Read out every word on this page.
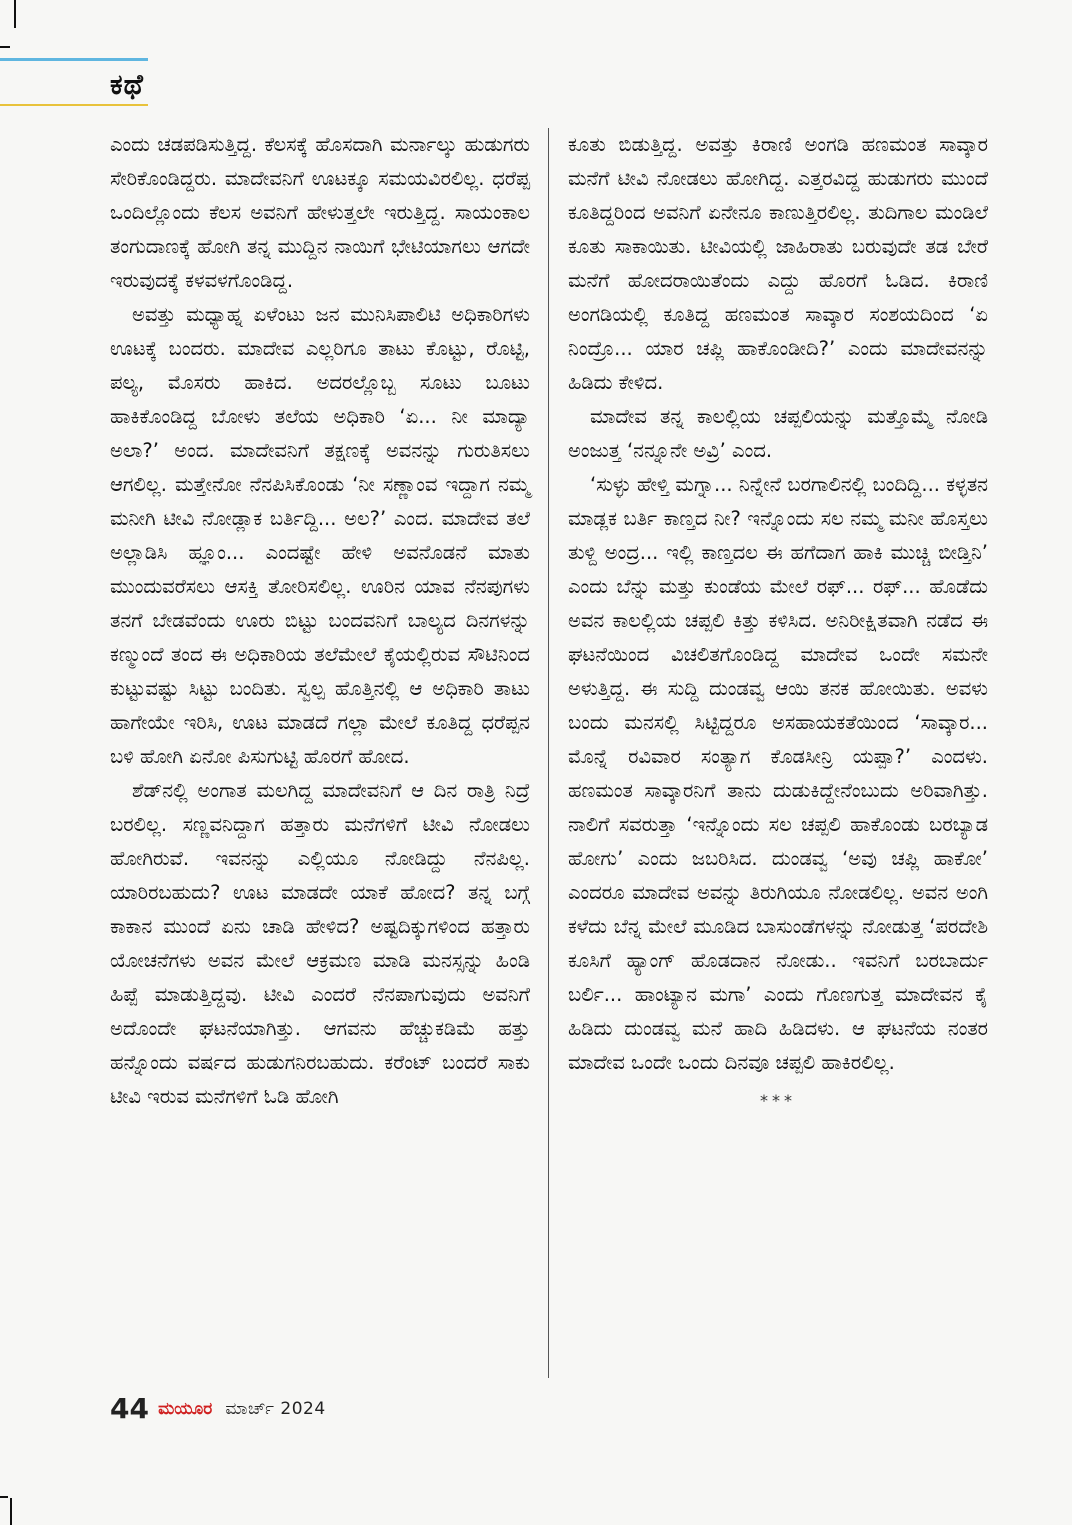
ಕಥೆ

ಎಂದು ಚಡಪಡಿಸುತ್ತಿದ್ದ. ಕೆಲಸಕ್ಕೆ ಹೊಸದಾಗಿ ಮರ್ನಾಲ್ಕು ಹುಡುಗರು ಸೇರಿಕೊಂಡಿದ್ದರು. ಮಾದೇವನಿಗೆ ಊಟಕ್ಕೂ ಸಮಯವಿರಲಿಲ್ಲ. ಧರೆಪ್ಪ ಒಂದಿಲ್ಲೊಂದು ಕೆಲಸ ಅವನಿಗೆ ಹೇಳುತ್ತಲೇ ಇರುತ್ತಿದ್ದ. ಸಾಯಂಕಾಲ ತಂಗುದಾಣಕ್ಕೆ ಹೋಗಿ ತನ್ನ ಮುದ್ದಿನ ನಾಯಿಗೆ ಭೇಟಿಯಾಗಲು ಆಗದೇ ಇರುವುದಕ್ಕೆ ಕಳವಳಗೊಂಡಿದ್ದ.

ಅವತ್ತು ಮಧ್ಯಾಹ್ನ ಏಳೆಂಟು ಜನ ಮುನಿಸಿಪಾಲಿಟಿ ಅಧಿಕಾರಿಗಳು ಊಟಕ್ಕೆ ಬಂದರು. ಮಾದೇವ ಎಲ್ಲರಿಗೂ ತಾಟು ಕೊಟ್ಟು, ರೊಟ್ಟಿ, ಪಲ್ಯ, ಮೊಸರು ಹಾಕಿದ. ಅದರಲ್ಲೊಬ್ಬ ಸೂಟು ಬೂಟು ಹಾಕಿಕೊಂಡಿದ್ದ ಬೋಳು ತಲೆಯ ಅಧಿಕಾರಿ ‘ಏ... ನೀ ಮಾದ್ಯಾ ಅಲಾ?’ ಅಂದ. ಮಾದೇವನಿಗೆ ತಕ್ಷಣಕ್ಕೆ ಅವನನ್ನು ಗುರುತಿಸಲು ಆಗಲಿಲ್ಲ. ಮತ್ತೇನೋ ನೆನಪಿಸಿಕೊಂಡು ‘ನೀ ಸಣ್ಣಾಂವ ಇದ್ದಾಗ ನಮ್ಮ ಮನೀಗಿ ಟೀವಿ ನೋಡ್ಲಾಕ ಬರ್ತಿದ್ದಿ... ಅಲ?’ ಎಂದ. ಮಾದೇವ ತಲೆ ಅಲ್ಲಾಡಿಸಿ ಹ್ಞೂಂ... ಎಂದಷ್ಟೇ ಹೇಳಿ ಅವನೊಡನೆ ಮಾತು ಮುಂದುವರೆಸಲು ಆಸಕ್ತಿ ತೋರಿಸಲಿಲ್ಲ. ಊರಿನ ಯಾವ ನೆನಪುಗಳು ತನಗೆ ಬೇಡವೆಂದು ಊರು ಬಿಟ್ಟು ಬಂದವನಿಗೆ ಬಾಲ್ಯದ ದಿನಗಳನ್ನು ಕಣ್ಮುಂದೆ ತಂದ ಈ ಅಧಿಕಾರಿಯ ತಲೆಮೇಲೆ ಕೈಯಲ್ಲಿರುವ ಸೌಟಿನಿಂದ ಕುಟ್ಟುವಷ್ಟು ಸಿಟ್ಟು ಬಂದಿತು. ಸ್ವಲ್ಪ ಹೊತ್ತಿನಲ್ಲಿ ಆ ಅಧಿಕಾರಿ ತಾಟು ಹಾಗೇಯೇ ಇರಿಸಿ, ಊಟ ಮಾಡದೆ ಗಲ್ಲಾ ಮೇಲೆ ಕೂತಿದ್ದ ಧರೆಪ್ಪನ ಬಳಿ ಹೋಗಿ ಏನೋ ಪಿಸುಗುಟ್ಟಿ ಹೊರಗೆ ಹೋದ.

ಶೆಡ್‌ನಲ್ಲಿ ಅಂಗಾತ ಮಲಗಿದ್ದ ಮಾದೇವನಿಗೆ ಆ ದಿನ ರಾತ್ರಿ ನಿದ್ರೆ ಬರಲಿಲ್ಲ. ಸಣ್ಣವನಿದ್ದಾಗ ಹತ್ತಾರು ಮನೆಗಳಿಗೆ ಟೀವಿ ನೋಡಲು ಹೋಗಿರುವೆ. ಇವನನ್ನು ಎಲ್ಲಿಯೂ ನೋಡಿದ್ದು ನೆನಪಿಲ್ಲ. ಯಾರಿರಬಹುದು? ಊಟ ಮಾಡದೇ ಯಾಕೆ ಹೋದ? ತನ್ನ ಬಗ್ಗೆ ಕಾಕಾನ ಮುಂದೆ ಏನು ಚಾಡಿ ಹೇಳಿದ? ಅಷ್ಟದಿಕ್ಕುಗಳಿಂದ ಹತ್ತಾರು ಯೋಚನೆಗಳು ಅವನ ಮೇಲೆ ಆಕ್ರಮಣ ಮಾಡಿ ಮನಸ್ಸನ್ನು ಹಿಂಡಿ ಹಿಪ್ಪೆ ಮಾಡುತ್ತಿದ್ದವು. ಟೀವಿ ಎಂದರೆ ನೆನಪಾಗುವುದು ಅವನಿಗೆ ಅದೊಂದೇ ಘಟನೆಯಾಗಿತ್ತು. ಆಗವನು ಹೆಚ್ಚುಕಡಿಮೆ ಹತ್ತು ಹನ್ನೊಂದು ವರ್ಷದ ಹುಡುಗನಿರಬಹುದು. ಕರೆಂಟ್ ಬಂದರೆ ಸಾಕು ಟೀವಿ ಇರುವ ಮನೆಗಳಿಗೆ ಓಡಿ ಹೋಗಿ

ಕೂತು ಬಿಡುತ್ತಿದ್ದ. ಅವತ್ತು ಕಿರಾಣಿ ಅಂಗಡಿ ಹಣಮಂತ ಸಾವ್ಕಾರ ಮನೆಗೆ ಟೀವಿ ನೋಡಲು ಹೋಗಿದ್ದ. ಎತ್ತರವಿದ್ದ ಹುಡುಗರು ಮುಂದೆ ಕೂತಿದ್ದರಿಂದ ಅವನಿಗೆ ಏನೇನೂ ಕಾಣುತ್ತಿರಲಿಲ್ಲ. ತುದಿಗಾಲ ಮಂಡಿಲೆ ಕೂತು ಸಾಕಾಯಿತು. ಟೀವಿಯಲ್ಲಿ ಜಾಹಿರಾತು ಬರುವುದೇ ತಡ ಬೇರೆ ಮನೆಗೆ ಹೋದರಾಯಿತೆಂದು ಎದ್ದು ಹೊರಗೆ ಓಡಿದ. ಕಿರಾಣಿ ಅಂಗಡಿಯಲ್ಲಿ ಕೂತಿದ್ದ ಹಣಮಂತ ಸಾವ್ಕಾರ ಸಂಶಯದಿಂದ ‘ಏ ನಿಂದ್ರೊ... ಯಾರ ಚಪ್ಲಿ ಹಾಕೊಂಡೀದಿ?’ ಎಂದು ಮಾದೇವನನ್ನು ಹಿಡಿದು ಕೇಳಿದ.

ಮಾದೇವ ತನ್ನ ಕಾಲಲ್ಲಿಯ ಚಪ್ಪಲಿಯನ್ನು ಮತ್ತೊಮ್ಮೆ ನೋಡಿ ಅಂಜುತ್ತ ‘ನನ್ನೂನೇ ಅವ್ರಿ’ ಎಂದ.

‘ಸುಳ್ಳು ಹೇಳ್ತಿ ಮಗ್ನಾ... ನಿನ್ನೇನೆ ಬರಗಾಲಿನಲ್ಲಿ ಬಂದಿದ್ದಿ... ಕಳ್ಳತನ ಮಾಡ್ಲಕ ಬರ್ತಿ ಕಾಣ್ತದ ನೀ? ಇನ್ನೊಂದು ಸಲ ನಮ್ಮ ಮನೀ ಹೊಸ್ತಲು ತುಳ್ದಿ ಅಂದ್ರ... ಇಲ್ಲಿ ಕಾಣ್ತದಲ ಈ ಹಗೆದಾಗ ಹಾಕಿ ಮುಚ್ಚಿ ಬೀಡ್ತಿನಿ’ ಎಂದು ಬೆನ್ನು ಮತ್ತು ಕುಂಡೆಯ ಮೇಲೆ ರಫ್... ರಫ್... ಹೊಡೆದು ಅವನ ಕಾಲಲ್ಲಿಯ ಚಪ್ಪಲಿ ಕಿತ್ತು ಕಳಿಸಿದ. ಅನಿರೀಕ್ಷಿತವಾಗಿ ನಡೆದ ಈ ಘಟನೆಯಿಂದ ವಿಚಲಿತಗೊಂಡಿದ್ದ ಮಾದೇವ ಒಂದೇ ಸಮನೇ ಅಳುತ್ತಿದ್ದ. ಈ ಸುದ್ದಿ ದುಂಡವ್ವ ಆಯಿ ತನಕ ಹೋಯಿತು. ಅವಳು ಬಂದು ಮನಸಲ್ಲಿ ಸಿಟ್ಟಿದ್ದರೂ ಅಸಹಾಯಕತೆಯಿಂದ ‘ಸಾವ್ಕಾರ... ಮೊನ್ನೆ ರವಿವಾರ ಸಂತ್ಯಾಗ ಕೊಡಸೀನ್ರಿ ಯಪ್ಪಾ?’ ಎಂದಳು. ಹಣಮಂತ ಸಾವ್ಕಾರನಿಗೆ ತಾನು ದುಡುಕಿದ್ದೇನೆಂಬುದು ಅರಿವಾಗಿತ್ತು. ನಾಲಿಗೆ ಸವರುತ್ತಾ ‘ಇನ್ನೊಂದು ಸಲ ಚಪ್ಪಲಿ ಹಾಕೊಂಡು ಬರಬ್ಯಾಡ ಹೋಗು’ ಎಂದು ಜಬರಿಸಿದ. ದುಂಡವ್ವ ‘ಅವು ಚಪ್ಲಿ ಹಾಕೋ’ ಎಂದರೂ ಮಾದೇವ ಅವನ್ನು ತಿರುಗಿಯೂ ನೋಡಲಿಲ್ಲ. ಅವನ ಅಂಗಿ ಕಳೆದು ಬೆನ್ನ ಮೇಲೆ ಮೂಡಿದ ಬಾಸುಂಡೆಗಳನ್ನು ನೋಡುತ್ತ ‘ಪರದೇಶಿ ಕೂಸಿಗೆ ಹ್ಯಾಂಗ್ ಹೊಡದಾನ ನೋಡು.. ಇವನಿಗೆ ಬರಬಾರ್ದು ಬರ್ಲಿ... ಹಾಂಟ್ಯಾನ ಮಗಾ’ ಎಂದು ಗೊಣಗುತ್ತ ಮಾದೇವನ ಕೈ ಹಿಡಿದು ದುಂಡವ್ವ ಮನೆ ಹಾದಿ ಹಿಡಿದಳು. ಆ ಘಟನೆಯ ನಂತರ ಮಾದೇವ ಒಂದೇ ಒಂದು ದಿನವೂ ಚಪ್ಪಲಿ ಹಾಕಿರಲಿಲ್ಲ.

***
44 ಮಯೂರ ಮಾರ್ಚ್ 2024
